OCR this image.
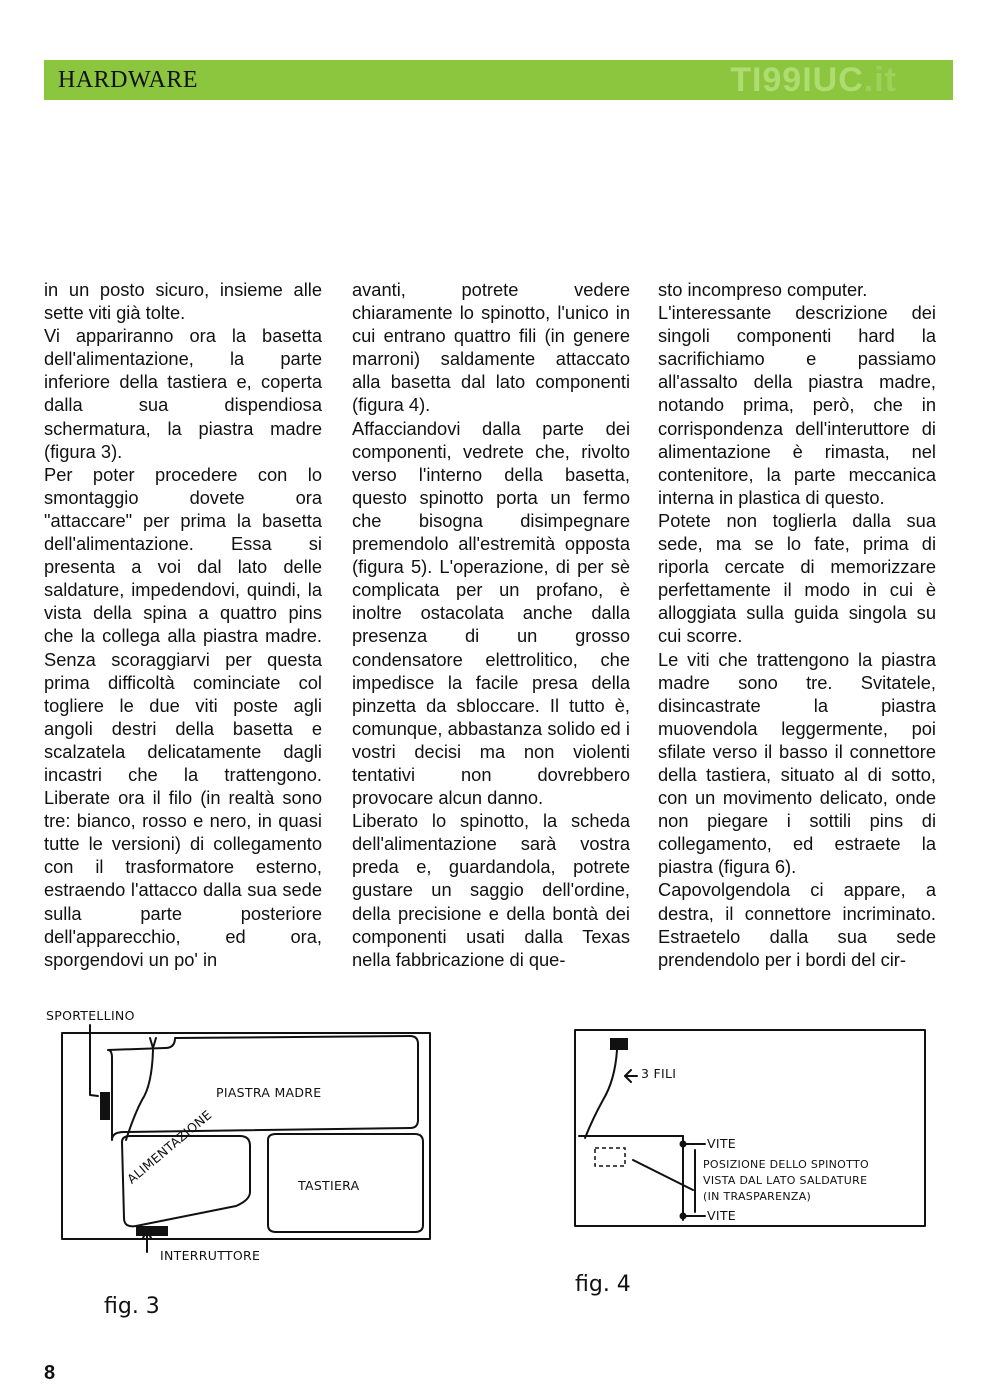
HARDWARE	TI99IUC.it

in un posto sicuro, insieme alle sette viti già tolte.

Vi appariranno ora la basetta dell'alimentazione, la parte inferiore della tastiera e, coperta dalla sua dispendiosa schermatura, la piastra madre (figura 3).

Per poter procedere con lo smontaggio dovete ora "attaccare" per prima la basetta dell'alimentazione. Essa si presenta a voi dal lato delle saldature, impedendovi, quindi, la vista della spina a quattro pins che la collega alla piastra madre. Senza scoraggiarvi per questa prima difficoltà cominciate col togliere le due viti poste agli angoli destri della basetta e scalzatela delicatamente dagli incastri che la trattengono. Liberate ora il filo (in realtà sono tre: bianco, rosso e nero, in quasi tutte le versioni) di collegamento con il trasformatore esterno, estraendo l'attacco dalla sua sede sulla parte posteriore dell'apparecchio, ed ora, sporgendovi un po' in

avanti, potrete vedere chiaramente lo spinotto, l'unico in cui entrano quattro fili (in genere marroni) saldamente attaccato alla basetta dal lato componenti (figura 4).

Affacciandovi dalla parte dei componenti, vedrete che, rivolto verso l'interno della basetta, questo spinotto porta un fermo che bisogna disimpegnare premendolo all'estremità opposta (figura 5). L'operazione, di per sè complicata per un profano, è inoltre ostacolata anche dalla presenza di un grosso condensatore elettrolitico, che impedisce la facile presa della pinzetta da sbloccare. Il tutto è, comunque, abbastanza solido ed i vostri decisi ma non violenti tentativi non dovrebbero provocare alcun danno.

Liberato lo spinotto, la scheda dell'alimentazione sarà vostra preda e, guardandola, potrete gustare un saggio dell'ordine, della precisione e della bontà dei componenti usati dalla Texas nella fabbricazione di que-

sto incompreso computer.

L'interessante descrizione dei singoli componenti hard la sacrifichiamo e passiamo all'assalto della piastra madre, notando prima, però, che in corrispondenza dell'interuttore di alimentazione è rimasta, nel contenitore, la parte meccanica interna in plastica di questo.

Potete non toglierla dalla sua sede, ma se lo fate, prima di riporla cercate di memorizzare perfettamente il modo in cui è alloggiata sulla guida singola su cui scorre.

Le viti che trattengono la piastra madre sono tre. Svitatele, disincastrate la piastra muovendola leggermente, poi sfilate verso il basso il connettore della tastiera, situato al di sotto, con un movimento delicato, onde non piegare i sottili pins di collegamento, ed estraete la piastra (figura 6).

Capovolgendola ci appare, a destra, il connettore incriminato. Estraetelo dalla sua sede prendendolo per i bordi del cir-

SPORTELLINO
PIASTRA MADRE
ALIMENTAZIONE	TASTIERA
INTERRUTTORE
fig. 3
3 FILI
VITE
POSIZIONE DELLO SPINOTTO
VISTA DAL LATO SALDATURE
(IN TRASPARENZA)
VITE
fig. 4
8
